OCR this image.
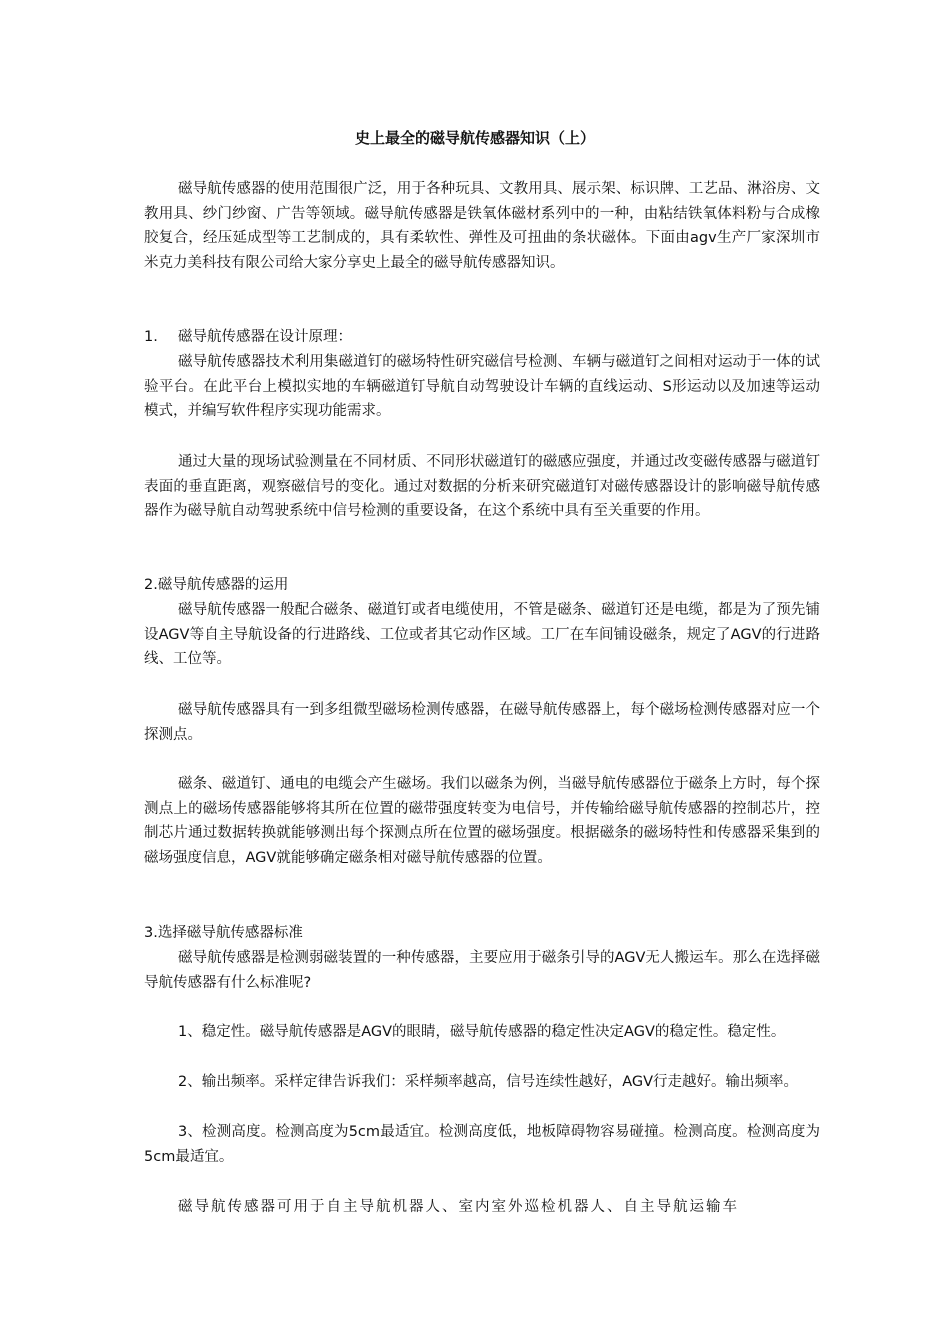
史上最全的磁导航传感器知识（上）

磁导航传感器的使用范围很广泛，用于各种玩具、文教用具、展示架、标识牌、工艺品、淋浴房、文教用具、纱门纱窗、广告等领域。磁导航传感器是铁氧体磁材系列中的一种，由粘结铁氧体料粉与合成橡胶复合，经压延成型等工艺制成的，具有柔软性、弹性及可扭曲的条状磁体。下面由agv生产厂家深圳市米克力美科技有限公司给大家分享史上最全的磁导航传感器知识。

1. 磁导航传感器在设计原理：

磁导航传感器技术利用集磁道钉的磁场特性研究磁信号检测、车辆与磁道钉之间相对运动于一体的试验平台。在此平台上模拟实地的车辆磁道钉导航自动驾驶设计车辆的直线运动、S形运动以及加速等运动模式，并编写软件程序实现功能需求。

通过大量的现场试验测量在不同材质、不同形状磁道钉的磁感应强度，并通过改变磁传感器与磁道钉表面的垂直距离，观察磁信号的变化。通过对数据的分析来研究磁道钉对磁传感器设计的影响磁导航传感器作为磁导航自动驾驶系统中信号检测的重要设备，在这个系统中具有至关重要的作用。

2.磁导航传感器的运用

磁导航传感器一般配合磁条、磁道钉或者电缆使用，不管是磁条、磁道钉还是电缆，都是为了预先铺设AGV等自主导航设备的行进路线、工位或者其它动作区域。工厂在车间铺设磁条，规定了AGV的行进路线、工位等。

磁导航传感器具有一到多组微型磁场检测传感器，在磁导航传感器上，每个磁场检测传感器对应一个探测点。

磁条、磁道钉、通电的电缆会产生磁场。我们以磁条为例，当磁导航传感器位于磁条上方时，每个探测点上的磁场传感器能够将其所在位置的磁带强度转变为电信号，并传输给磁导航传感器的控制芯片，控制芯片通过数据转换就能够测出每个探测点所在位置的磁场强度。根据磁条的磁场特性和传感器采集到的磁场强度信息，AGV就能够确定磁条相对磁导航传感器的位置。

3.选择磁导航传感器标准

磁导航传感器是检测弱磁装置的一种传感器，主要应用于磁条引导的AGV无人搬运车。那么在选择磁导航传感器有什么标准呢?

1、稳定性。磁导航传感器是AGV的眼睛，磁导航传感器的稳定性决定AGV的稳定性。稳定性。

2、输出频率。采样定律告诉我们：采样频率越高，信号连续性越好，AGV行走越好。输出频率。

3、检测高度。检测高度为5cm最适宜。检测高度低，地板障碍物容易碰撞。检测高度。检测高度为5cm最适宜。

磁导航传感器可用于自主导航机器人、室内室外巡检机器人、自主导航运输车
